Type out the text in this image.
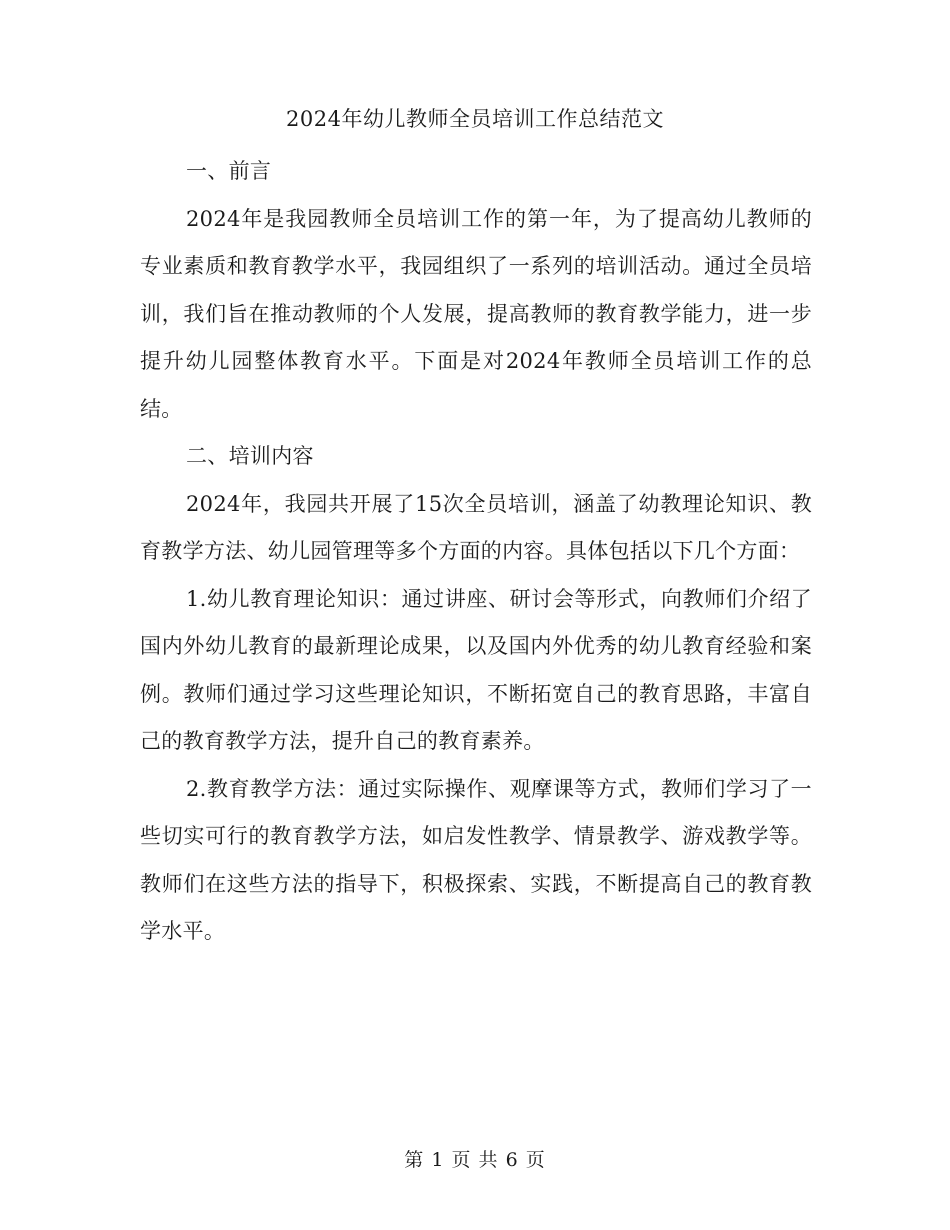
2024年幼儿教师全员培训工作总结范文

一、前言

2024年是我园教师全员培训工作的第一年，为了提高幼儿教师的专业素质和教育教学水平，我园组织了一系列的培训活动。通过全员培训，我们旨在推动教师的个人发展，提高教师的教育教学能力，进一步提升幼儿园整体教育水平。下面是对2024年教师全员培训工作的总结。

二、培训内容

2024年，我园共开展了15次全员培训，涵盖了幼教理论知识、教育教学方法、幼儿园管理等多个方面的内容。具体包括以下几个方面：

1.幼儿教育理论知识：通过讲座、研讨会等形式，向教师们介绍了国内外幼儿教育的最新理论成果，以及国内外优秀的幼儿教育经验和案例。教师们通过学习这些理论知识，不断拓宽自己的教育思路，丰富自己的教育教学方法，提升自己的教育素养。

2.教育教学方法：通过实际操作、观摩课等方式，教师们学习了一些切实可行的教育教学方法，如启发性教学、情景教学、游戏教学等。教师们在这些方法的指导下，积极探索、实践，不断提高自己的教育教学水平。

第 1 页 共 6 页
